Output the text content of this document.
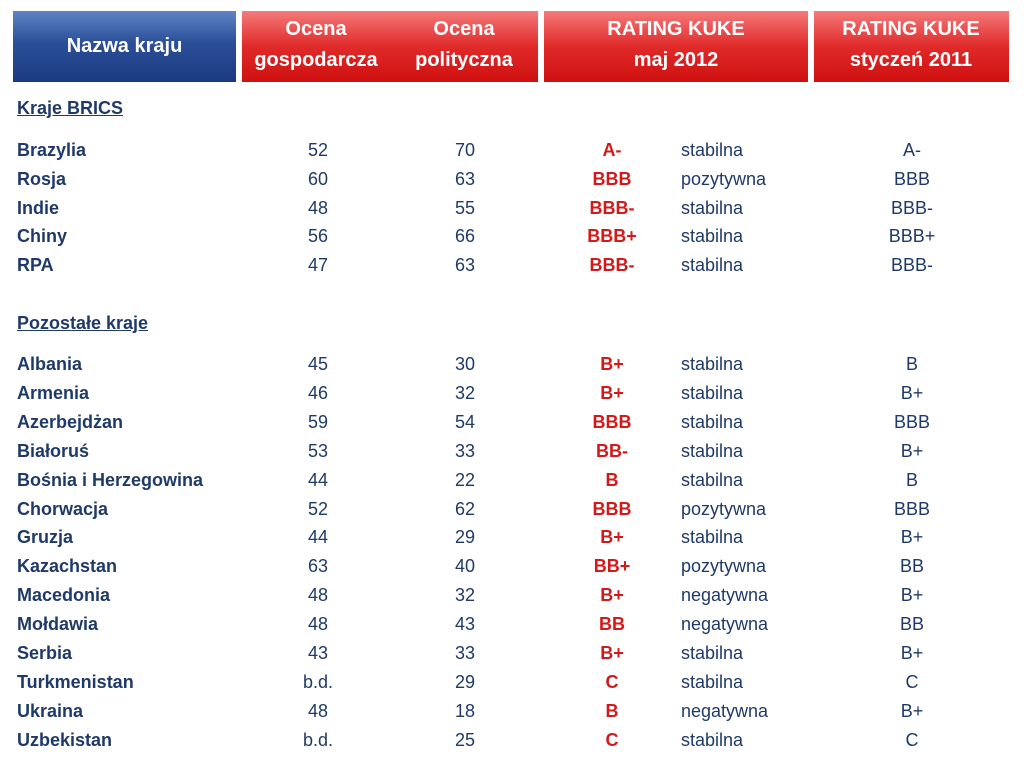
Nazwa kraju
Ocena
gospodarcza
Ocena
polityczna
RATING KUKE
maj 2012
RATING KUKE
styczeń 2011
Kraje BRICS
Brazylia	52	70	A-	stabilna	A-
Rosja	60	63	BBB	pozytywna	BBB
Indie	48	55	BBB-	stabilna	BBB-
Chiny	56	66	BBB+ stabilna	BBB+
RPA	47	63	BBB-	stabilna	BBB-
Pozostałe kraje
Albania	45	30	B+	stabilna	B
Armenia	46	32	B+	stabilna	B+
Azerbejdżan	59	54	BBB	stabilna	BBB
Białoruś	53	33	BB-	stabilna	B+
Bośnia i Herzegowina	44	22	B	stabilna	B
Chorwacja	52	62	BBB	pozytywna	BBB
Gruzja	44	29	B+	stabilna	B+
Kazachstan	63	40	BB+	pozytywna	BB
Macedonia	48	32	B+	negatywna	B+
Mołdawia	48	43	BB	negatywna	BB
Serbia	43	33	B+	stabilna	B+
Turkmenistan	b.d.	29	C	stabilna	C
Ukraina	48	18	B	negatywna	B+
Uzbekistan	b.d.	25	C	stabilna	C
